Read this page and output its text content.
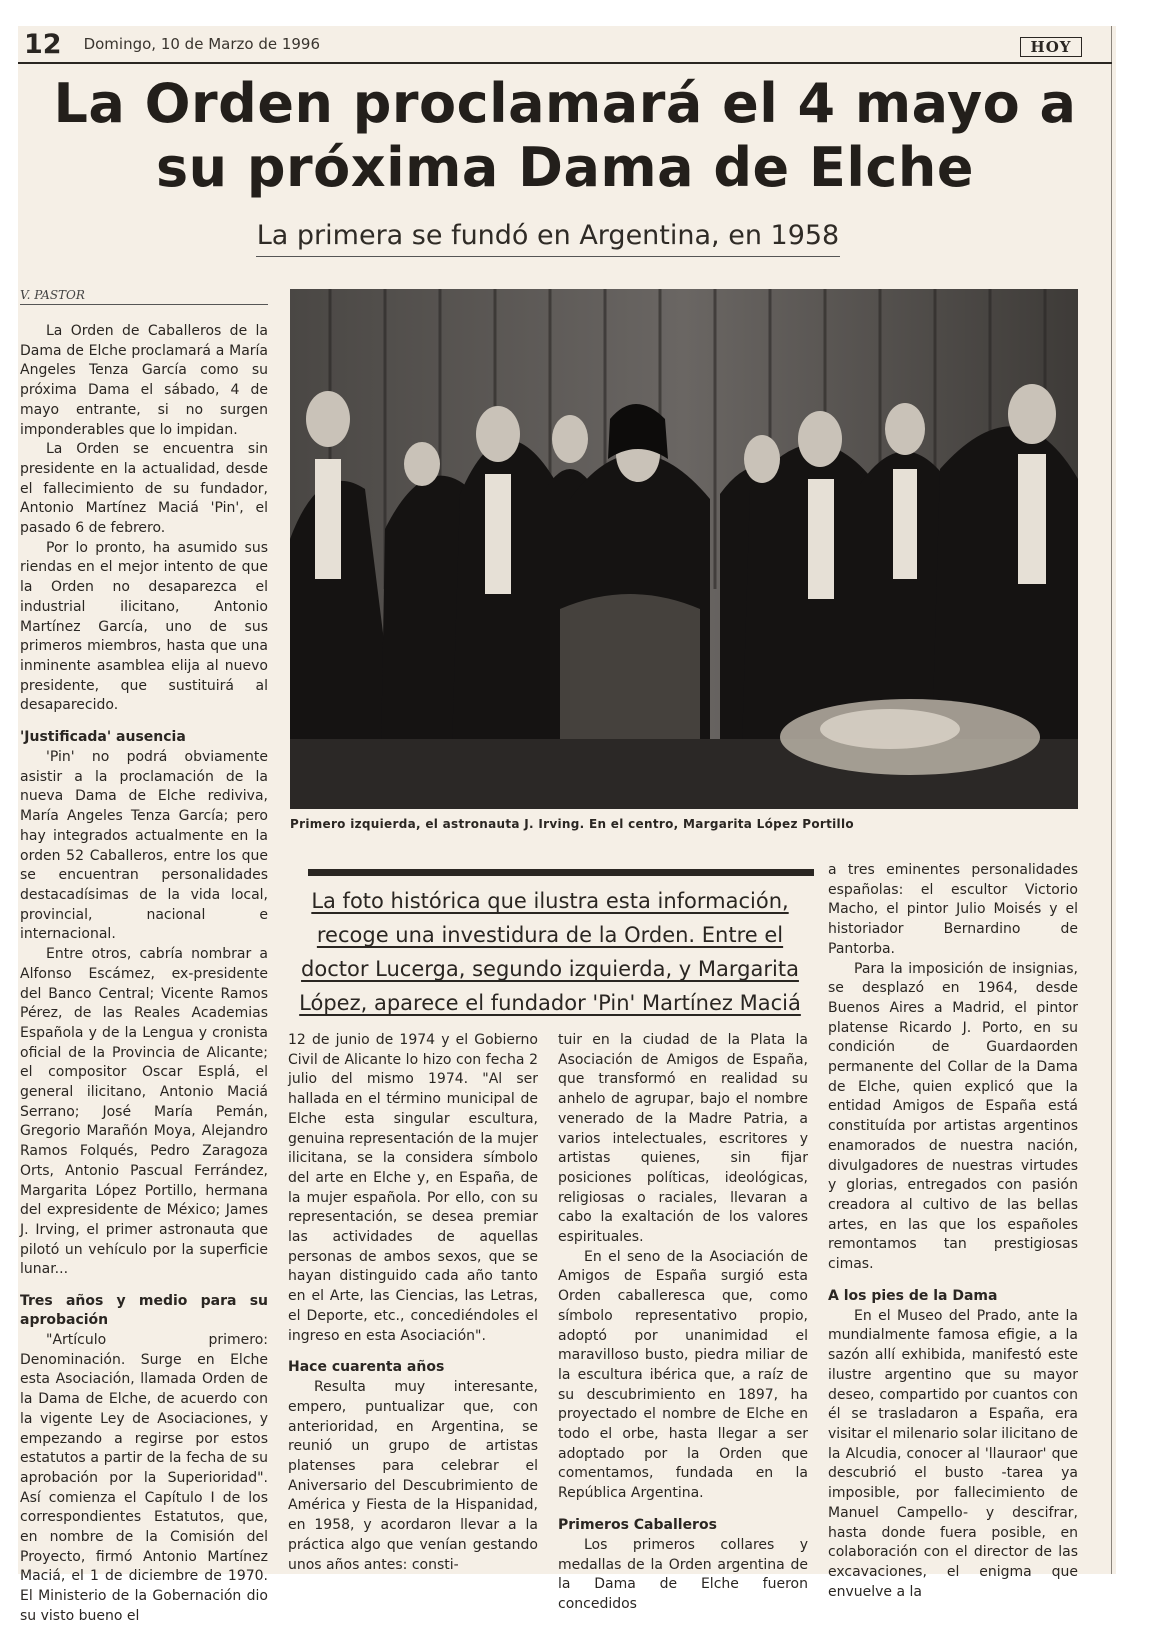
12 Domingo, 10 de Marzo de 1996	HOY
La Orden proclamará el 4 mayo a su próxima Dama de Elche
La primera se fundó en Argentina, en 1958
V. PASTOR

La Orden de Caballeros de la Dama de Elche proclamará a María Angeles Tenza García como su próxima Dama el sábado, 4 de mayo entrante, si no surgen imponderables que lo impidan.

La Orden se encuentra sin presidente en la actualidad, desde el fallecimiento de su fundador, Antonio Martínez Maciá 'Pin', el pasado 6 de febrero.

Por lo pronto, ha asumido sus riendas en el mejor intento de que la Orden no desaparezca el industrial ilicitano, Antonio Martínez García, uno de sus primeros miembros, hasta que una inminente asamblea elija al nuevo presidente, que sustituirá al desaparecido.

'Justificada' ausencia

'Pin' no podrá obviamente asistir a la proclamación de la nueva Dama de Elche rediviva, María Angeles Tenza García; pero hay integrados actualmente en la orden 52 Caballeros, entre los que se encuentran personalidades destacadísimas de la vida local, provincial, nacional e internacional.

Entre otros, cabría nombrar a Alfonso Escámez, ex-presidente del Banco Central; Vicente Ramos Pérez, de las Reales Academias Española y de la Lengua y cronista oficial de la Provincia de Alicante; el compositor Oscar Esplá, el general ilicitano, Antonio Maciá Serrano; José María Pemán, Gregorio Marañón Moya, Alejandro Ramos Folqués, Pedro Zaragoza Orts, Antonio Pascual Ferrández, Margarita López Portillo, hermana del expresidente de México; James J. Irving, el primer astronauta que pilotó un vehículo por la superficie lunar...

Tres años y medio para su aprobación

"Artículo primero: Denominación. Surge en Elche esta Asociación, llamada Orden de la Dama de Elche, de acuerdo con la vigente Ley de Asociaciones, y empezando a regirse por estos estatutos a partir de la fecha de su aprobación por la Superioridad". Así comienza el Capítulo I de los correspondientes Estatutos, que, en nombre de la Comisión del Proyecto, firmó Antonio Martínez Maciá, el 1 de diciembre de 1970. El Ministerio de la Gobernación dio su visto bueno el

Primero izquierda, el astronauta J. Irving. En el centro, Margarita López Portillo
La foto histórica que ilustra esta información, recoge una investidura de la Orden. Entre el doctor Lucerga, segundo izquierda, y Margarita López, aparece el fundador 'Pin' Martínez Maciá

12 de junio de 1974 y el Gobierno Civil de Alicante lo hizo con fecha 2 julio del mismo 1974. "Al ser hallada en el término municipal de Elche esta singular escultura, genuina representación de la mujer ilicitana, se la considera símbolo del arte en Elche y, en España, de la mujer española. Por ello, con su representación, se desea premiar las actividades de aquellas personas de ambos sexos, que se hayan distinguido cada año tanto en el Arte, las Ciencias, las Letras, el Deporte, etc., concediéndoles el ingreso en esta Asociación".

Hace cuarenta años

Resulta muy interesante, empero, puntualizar que, con anterioridad, en Argentina, se reunió un grupo de artistas platenses para celebrar el Aniversario del Descubrimiento de América y Fiesta de la Hispanidad, en 1958, y acordaron llevar a la práctica algo que venían gestando unos años antes: consti-

tuir en la ciudad de la Plata la Asociación de Amigos de España, que transformó en realidad su anhelo de agrupar, bajo el nombre venerado de la Madre Patria, a varios intelectuales, escritores y artistas quienes, sin fijar posiciones políticas, ideológicas, religiosas o raciales, llevaran a cabo la exaltación de los valores espirituales.

En el seno de la Asociación de Amigos de España surgió esta Orden caballeresca que, como símbolo representativo propio, adoptó por unanimidad el maravilloso busto, piedra miliar de la escultura ibérica que, a raíz de su descubrimiento en 1897, ha proyectado el nombre de Elche en todo el orbe, hasta llegar a ser adoptado por la Orden que comentamos, fundada en la República Argentina.

Primeros Caballeros

Los primeros collares y medallas de la Orden argentina de la Dama de Elche fueron concedidos

a tres eminentes personalidades españolas: el escultor Victorio Macho, el pintor Julio Moisés y el historiador Bernardino de Pantorba.

Para la imposición de insignias, se desplazó en 1964, desde Buenos Aires a Madrid, el pintor platense Ricardo J. Porto, en su condición de Guardaorden permanente del Collar de la Dama de Elche, quien explicó que la entidad Amigos de España está constituída por artistas argentinos enamorados de nuestra nación, divulgadores de nuestras virtudes y glorias, entregados con pasión creadora al cultivo de las bellas artes, en las que los españoles remontamos tan prestigiosas cimas.

A los pies de la Dama

En el Museo del Prado, ante la mundialmente famosa efigie, a la sazón allí exhibida, manifestó este ilustre argentino que su mayor deseo, compartido por cuantos con él se trasladaron a España, era visitar el milenario solar ilicitano de la Alcudia, conocer al 'llauraor' que descubrió el busto -tarea ya imposible, por fallecimiento de Manuel Campello- y descifrar, hasta donde fuera posible, en colaboración con el director de las excavaciones, el enigma que envuelve a la
